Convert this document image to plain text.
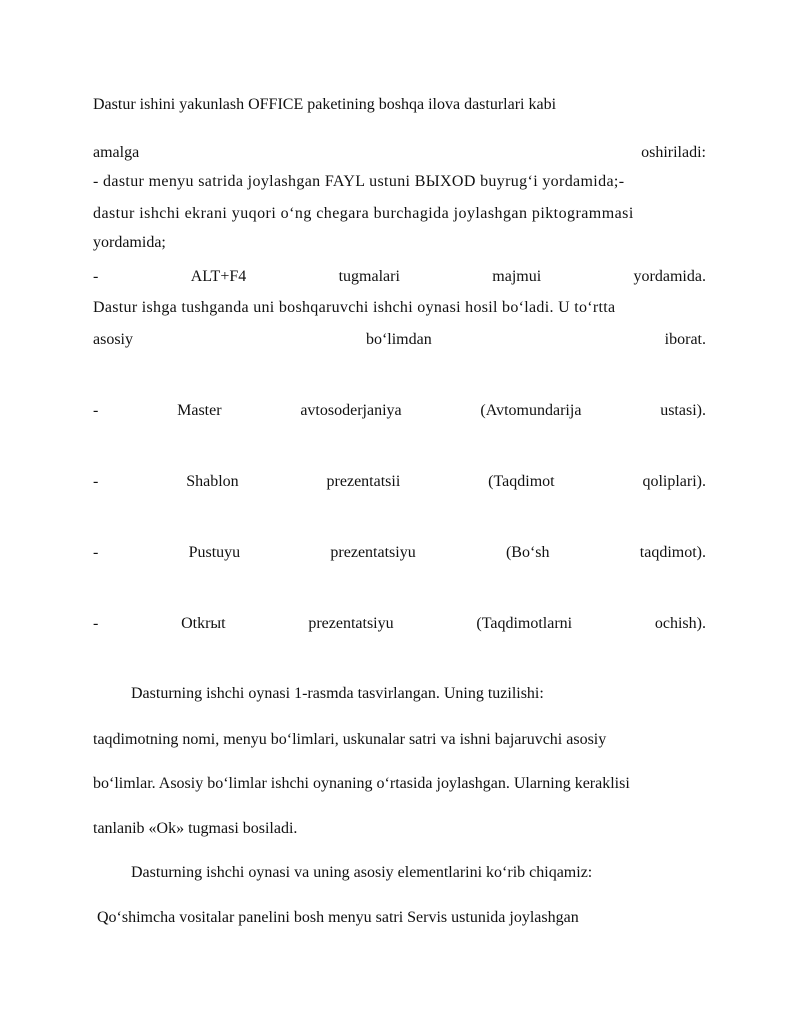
Dastur ishini yakunlash OFFICE paketining boshqa ilova dasturlari kabi
amalga	oshiriladi:
- dastur menyu satrida joylashgan FAYL ustuni ВЫXOD buyrug‘i yordamida;-
dastur ishchi ekrani yuqori o‘ng chegara burchagida joylashgan piktogrammasi
yordamida;
-	ALT+F4	tugmalari	majmui	yordamida.
Dastur ishga tushganda uni boshqaruvchi ishchi oynasi hosil bo‘ladi. U to‘rtta
asosiy	bo‘limdan	iborat.
-	Master	avtosoderjaniya	(Avtomundarija	ustasi).
-	Shablon	prezentatsii	(Taqdimot	qoliplari).
-	Pustuyu	prezentatsiyu	(Bo‘sh	taqdimot).
-	Otkrыt	prezentatsiyu	(Taqdimotlarni	ochish).
Dasturning ishchi oynasi 1-rasmda tasvirlangan. Uning tuzilishi:
taqdimotning nomi, menyu bo‘limlari, uskunalar satri va ishni bajaruvchi asosiy
bo‘limlar. Asosiy bo‘limlar ishchi oynaning o‘rtasida joylashgan. Ularning keraklisi
tanlanib «Ok» tugmasi bosiladi.
Dasturning ishchi oynasi va uning asosiy elementlarini ko‘rib chiqamiz:
Qo‘shimcha vositalar panelini bosh menyu satri Servis ustunida joylashgan
